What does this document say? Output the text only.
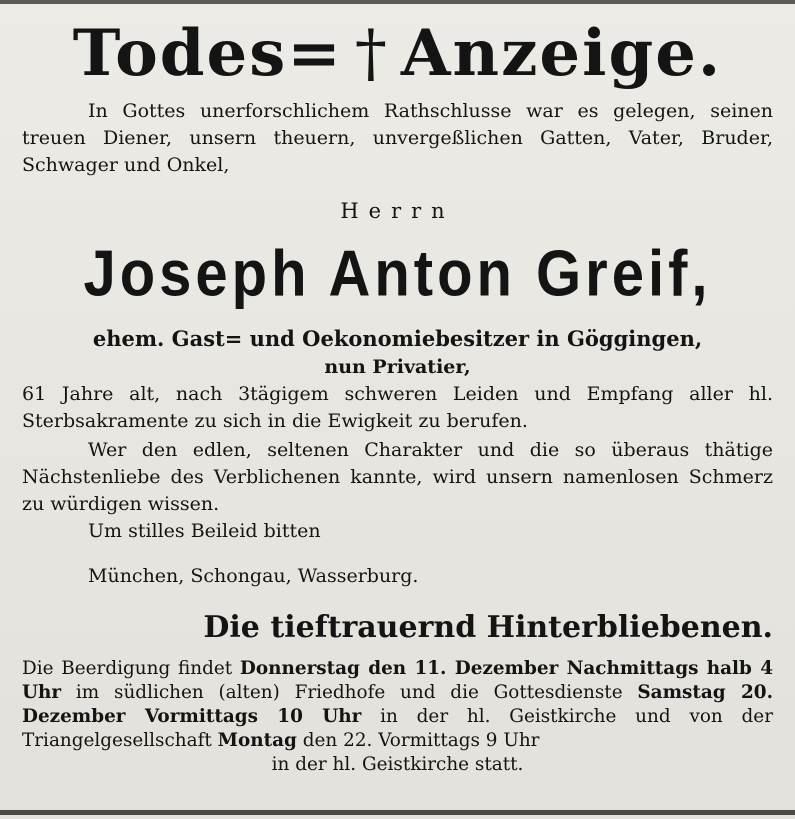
Todes= † Anzeige.
In Gottes unerforschlichem Rathschlusse war es gelegen, seinen treuen Diener, unsern theuern, unvergeßlichen Gatten, Vater, Bruder, Schwager und Onkel,
Herrn
Joseph Anton Greif,
ehem. Gast= und Oekonomiebesitzer in Göggingen,
nun Privatier,
61 Jahre alt, nach 3tägigem schweren Leiden und Empfang aller hl. Sterbsakramente zu sich in die Ewigkeit zu berufen.
Wer den edlen, seltenen Charakter und die so überaus thätige Nächstenliebe des Verblichenen kannte, wird unsern namenlosen Schmerz zu würdigen wissen.
Um stilles Beileid bitten
München, Schongau, Wasserburg.
Die tieftrauernd Hinterbliebenen.
Die Beerdigung findet Donnerstag den 11. Dezember Nachmittags halb 4 Uhr im südlichen (alten) Friedhofe und die Gottesdienste Samstag 20. Dezember Vormittags 10 Uhr in der hl. Geistkirche und von der Triangelgesellschaft Montag den 22. Vormittags 9 Uhr
in der hl. Geistkirche statt.
